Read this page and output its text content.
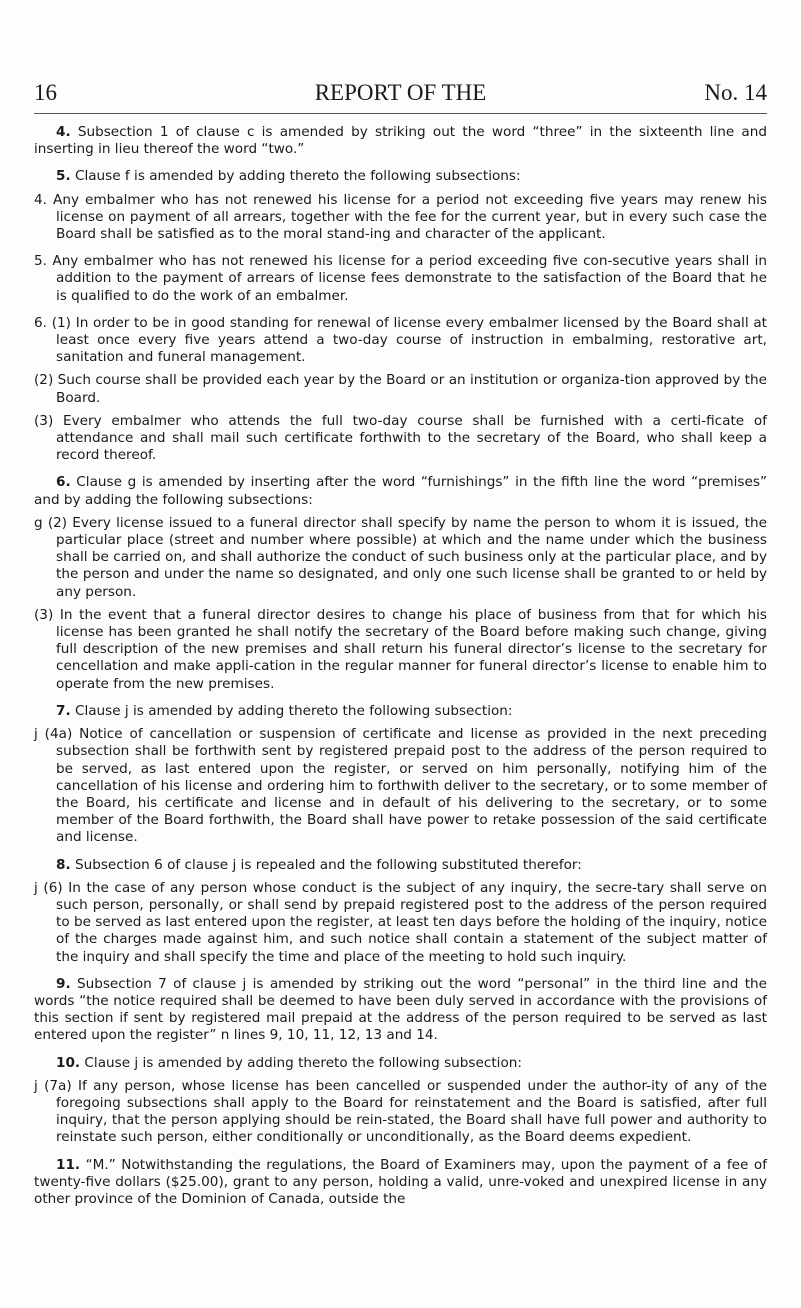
16	REPORT OF THE	No. 14

4. Subsection 1 of clause c is amended by striking out the word “three” in the sixteenth line and inserting in lieu thereof the word “two.”

5. Clause f is amended by adding thereto the following subsections:

4. Any embalmer who has not renewed his license for a period not exceeding five years may renew his license on payment of all arrears, together with the fee for the current year, but in every such case the Board shall be satisfied as to the moral stand-ing and character of the applicant.

5. Any embalmer who has not renewed his license for a period exceeding five con-secutive years shall in addition to the payment of arrears of license fees demonstrate to the satisfaction of the Board that he is qualified to do the work of an embalmer.

6. (1) In order to be in good standing for renewal of license every embalmer licensed by the Board shall at least once every five years attend a two-day course of instruction in embalming, restorative art, sanitation and funeral management.

(2) Such course shall be provided each year by the Board or an institution or organiza-tion approved by the Board.

(3) Every embalmer who attends the full two-day course shall be furnished with a certi-ficate of attendance and shall mail such certificate forthwith to the secretary of the Board, who shall keep a record thereof.

6. Clause g is amended by inserting after the word “furnishings” in the fifth line the word “premises” and by adding the following subsections:

g (2) Every license issued to a funeral director shall specify by name the person to whom it is issued, the particular place (street and number where possible) at which and the name under which the business shall be carried on, and shall authorize the conduct of such business only at the particular place, and by the person and under the name so designated, and only one such license shall be granted to or held by any person.

(3) In the event that a funeral director desires to change his place of business from that for which his license has been granted he shall notify the secretary of the Board before making such change, giving full description of the new premises and shall return his funeral director’s license to the secretary for cencellation and make appli-cation in the regular manner for funeral director’s license to enable him to operate from the new premises.

7. Clause j is amended by adding thereto the following subsection:

j (4a) Notice of cancellation or suspension of certificate and license as provided in the next preceding subsection shall be forthwith sent by registered prepaid post to the address of the person required to be served, as last entered upon the register, or served on him personally, notifying him of the cancellation of his license and ordering him to forthwith deliver to the secretary, or to some member of the Board, his certificate and license and in default of his delivering to the secretary, or to some member of the Board forthwith, the Board shall have power to retake possession of the said certificate and license.

8. Subsection 6 of clause j is repealed and the following substituted therefor:

j (6) In the case of any person whose conduct is the subject of any inquiry, the secre-tary shall serve on such person, personally, or shall send by prepaid registered post to the address of the person required to be served as last entered upon the register, at least ten days before the holding of the inquiry, notice of the charges made against him, and such notice shall contain a statement of the subject matter of the inquiry and shall specify the time and place of the meeting to hold such inquiry.

9. Subsection 7 of clause j is amended by striking out the word “personal” in the third line and the words “the notice required shall be deemed to have been duly served in accordance with the provisions of this section if sent by registered mail prepaid at the address of the person required to be served as last entered upon the register” n lines 9, 10, 11, 12, 13 and 14.

10. Clause j is amended by adding thereto the following subsection:

j (7a) If any person, whose license has been cancelled or suspended under the author-ity of any of the foregoing subsections shall apply to the Board for reinstatement and the Board is satisfied, after full inquiry, that the person applying should be rein-stated, the Board shall have full power and authority to reinstate such person, either conditionally or unconditionally, as the Board deems expedient.

11. “M.” Notwithstanding the regulations, the Board of Examiners may, upon the payment of a fee of twenty-five dollars ($25.00), grant to any person, holding a valid, unre-voked and unexpired license in any other province of the Dominion of Canada, outside the
